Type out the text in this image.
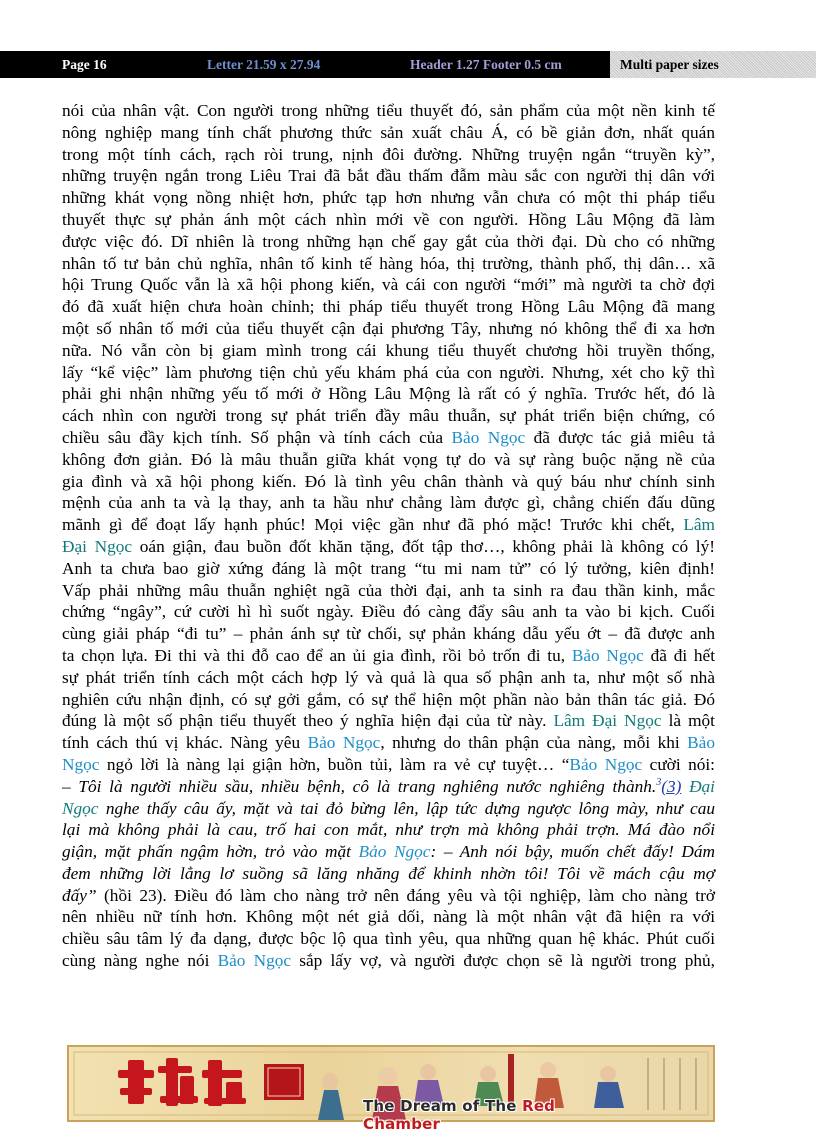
Page 16	Letter 21.59 x 27.94	Header 1.27 Footer 0.5 cm	Multi paper sizes
nói của nhân vật. Con người trong những tiểu thuyết đó, sản phẩm của một nền kinh tế
nông nghiệp mang tính chất phương thức sản xuất châu Á, có bề giản đơn, nhất quán
trong một tính cách, rạch ròi trung, nịnh đôi đường. Những truyện ngắn “truyền kỳ”,
những truyện ngắn trong Liêu Trai đã bắt đầu thấm đẫm màu sắc con người thị dân với
những khát vọng nồng nhiệt hơn, phức tạp hơn nhưng vẫn chưa có một thi pháp tiểu
thuyết thực sự phản ánh một cách nhìn mới về con người. Hồng Lâu Mộng đã làm
được việc đó. Dĩ nhiên là trong những hạn chế gay gắt của thời đại. Dù cho có những
nhân tố tư bản chủ nghĩa, nhân tố kinh tế hàng hóa, thị trường, thành phố, thị dân… xã
hội Trung Quốc vẫn là xã hội phong kiến, và cái con người “mới” mà người ta chờ đợi
đó đã xuất hiện chưa hoàn chỉnh; thi pháp tiểu thuyết trong Hồng Lâu Mộng đã mang
một số nhân tố mới của tiểu thuyết cận đại phương Tây, nhưng nó không thể đi xa hơn
nữa. Nó vẫn còn bị giam mình trong cái khung tiểu thuyết chương hồi truyền thống,
lấy “kể việc” làm phương tiện chủ yếu khám phá của con người. Nhưng, xét cho kỹ thì
phải ghi nhận những yếu tố mới ở Hồng Lâu Mộng là rất có ý nghĩa. Trước hết, đó là
cách nhìn con người trong sự phát triển đầy mâu thuẫn, sự phát triển biện chứng, có
chiều sâu đầy kịch tính. Số phận và tính cách của Bảo Ngọc đã được tác giả miêu tả
không đơn giản. Đó là mâu thuẫn giữa khát vọng tự do và sự ràng buộc nặng nề của
gia đình và xã hội phong kiến. Đó là tình yêu chân thành và quý báu như chính sinh
mệnh của anh ta và lạ thay, anh ta hầu như chẳng làm được gì, chẳng chiến đấu dũng
mãnh gì để đoạt lấy hạnh phúc! Mọi việc gần như đã phó mặc! Trước khi chết, Lâm
Đại Ngọc oán giận, đau buồn đốt khăn tặng, đốt tập thơ…, không phải là không có lý!
Anh ta chưa bao giờ xứng đáng là một trang “tu mi nam tử” có lý tưởng, kiên định!
Vấp phải những mâu thuẫn nghiệt ngã của thời đại, anh ta sinh ra đau thần kinh, mắc
chứng “ngây”, cứ cười hì hì suốt ngày. Điều đó càng đẩy sâu anh ta vào bi kịch. Cuối
cùng giải pháp “đi tu” – phản ánh sự từ chối, sự phản kháng dẫu yếu ớt – đã được anh
ta chọn lựa. Đi thi và thi đỗ cao để an ủi gia đình, rồi bỏ trốn đi tu, Bảo Ngọc đã đi hết
sự phát triển tính cách một cách hợp lý và quả là qua số phận anh ta, như một số nhà
nghiên cứu nhận định, có sự gởi gắm, có sự thể hiện một phần nào bản thân tác giả. Đó
đúng là một số phận tiểu thuyết theo ý nghĩa hiện đại của từ này. Lâm Đại Ngọc là một
tính cách thú vị khác. Nàng yêu Bảo Ngọc, nhưng do thân phận của nàng, mỗi khi Bảo
Ngọc ngỏ lời là nàng lại giận hờn, buồn tủi, làm ra vẻ cự tuyệt… “Bảo Ngọc cười nói:
– Tôi là người nhiều sầu, nhiều bệnh, cô là trang nghiêng nước nghiêng thành.$^3$(3) Đại
Ngọc nghe thấy câu ấy, mặt và tai đỏ bừng lên, lập tức dựng ngược lông mày, như cau
lại mà không phải là cau, trố hai con mắt, như trợn mà không phải trợn. Má đào nổi
giận, mặt phấn ngậm hờn, trỏ vào mặt Bảo Ngọc: – Anh nói bậy, muốn chết đấy! Dám
đem những lời lẳng lơ suồng sã lăng nhăng để khinh nhờn tôi! Tôi về mách cậu mợ
đấy” (hồi 23). Điều đó làm cho nàng trở nên đáng yêu và tội nghiệp, làm cho nàng trở
nên nhiều nữ tính hơn. Không một nét giả dối, nàng là một nhân vật đã hiện ra với
chiều sâu tâm lý đa dạng, được bộc lộ qua tình yêu, qua những quan hệ khác. Phút cuối
cùng nàng nghe nói Bảo Ngọc sắp lấy vợ, và người được chọn sẽ là người trong phủ,
The Dream of The Red Chamber
